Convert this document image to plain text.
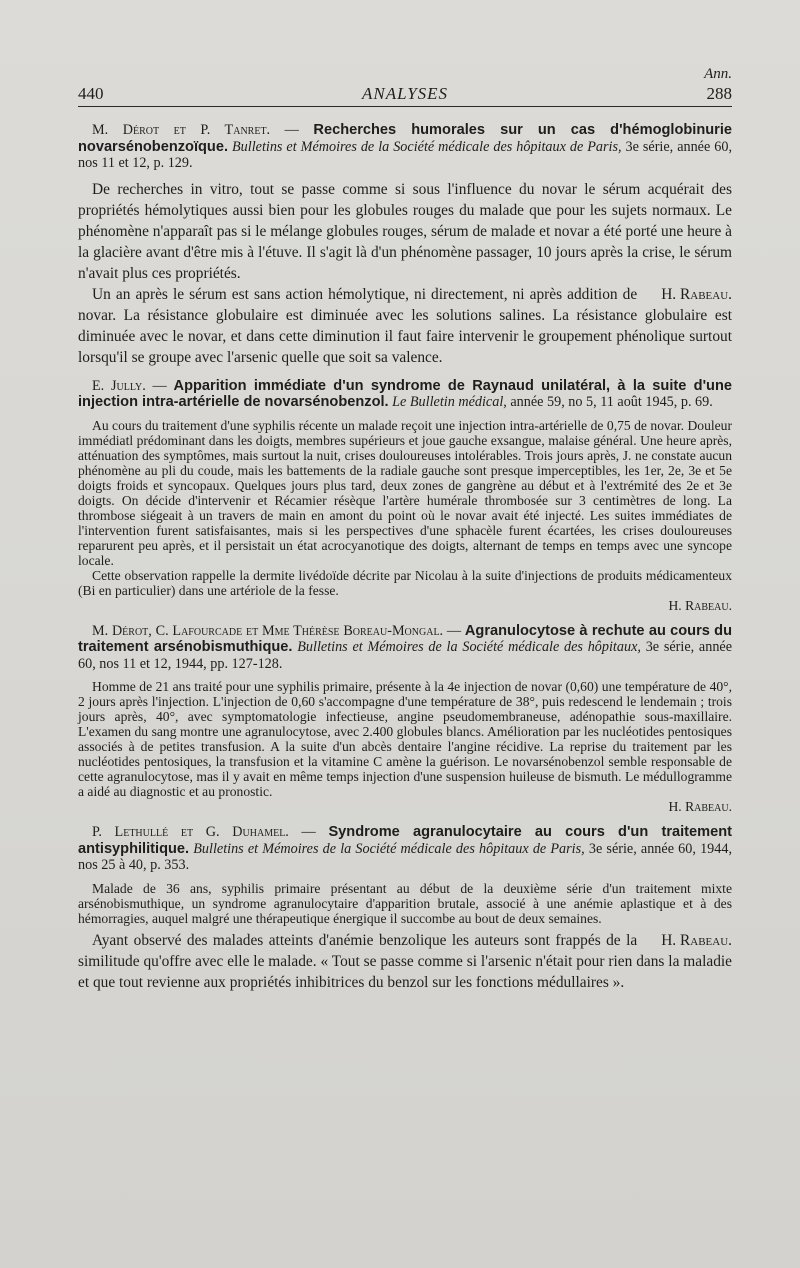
Ann.
440	ANALYSES	288
M. Dérot et P. Tanret. — Recherches humorales sur un cas d'hémoglobinurie novarsénobenzoïque. Bulletins et Mémoires de la Société médicale des hôpitaux de Paris, 3e série, année 60, nos 11 et 12, p. 129.

De recherches in vitro, tout se passe comme si sous l'influence du novar le sérum acquérait des propriétés hémolytiques aussi bien pour les globules rouges du malade que pour les sujets normaux. Le phénomène n'apparaît pas si le mélange globules rouges, sérum de malade et novar a été porté une heure à la glacière avant d'être mis à l'étuve. Il s'agit là d'un phénomène passager, 10 jours après la crise, le sérum n'avait plus ces propriétés.

H. Rabeau.
Un an après le sérum est sans action hémolytique, ni directement, ni après addition de novar. La résistance globulaire est diminuée avec les solutions salines. La résistance globulaire est diminuée avec le novar, et dans cette diminution il faut faire intervenir le groupement phénolique surtout lorsqu'il se groupe avec l'arsenic quelle que soit sa valence.

E. Jully. — Apparition immédiate d'un syndrome de Raynaud unilatéral, à la suite d'une injection intra-artérielle de novarsénobenzol. Le Bulletin médical, année 59, no 5, 11 août 1945, p. 69.

Au cours du traitement d'une syphilis récente un malade reçoit une injection intra-artérielle de 0,75 de novar. Douleur immédiatl prédominant dans les doigts, membres supérieurs et joue gauche exsangue, malaise général. Une heure après, atténuation des symptômes, mais surtout la nuit, crises douloureuses intolérables. Trois jours après, J. ne constate aucun phénomène au pli du coude, mais les battements de la radiale gauche sont presque imperceptibles, les 1er, 2e, 3e et 5e doigts froids et syncopaux. Quelques jours plus tard, deux zones de gangrène au début et à l'extrémité des 2e et 3e doigts. On décide d'intervenir et Récamier résèque l'artère humérale thrombosée sur 3 centimètres de long. La thrombose siégeait à un travers de main en amont du point où le novar avait été injecté. Les suites immédiates de l'intervention furent satisfaisantes, mais si les perspectives d'une sphacèle furent écartées, les crises douloureuses reparurent peu après, et il persistait un état acrocyanotique des doigts, alternant de temps en temps avec une syncope locale.

Cette observation rappelle la dermite livédoïde décrite par Nicolau à la suite d'injections de produits médicamenteux (Bi en particulier) dans une artériole de la fesse.

H. Rabeau.
M. Dérot, C. Lafourcade et Mme Thérèse Boreau-Mongal. — Agranulocytose à rechute au cours du traitement arsénobismuthique. Bulletins et Mémoires de la Société médicale des hôpitaux, 3e série, année 60, nos 11 et 12, 1944, pp. 127-128.

Homme de 21 ans traité pour une syphilis primaire, présente à la 4e injection de novar (0,60) une température de 40°, 2 jours après l'injection. L'injection de 0,60 s'accompagne d'une température de 38°, puis redescend le lendemain ; trois jours après, 40°, avec symptomatologie infectieuse, angine pseudomembraneuse, adénopathie sous-maxillaire. L'examen du sang montre une agranulocytose, avec 2.400 globules blancs. Amélioration par les nucléotides pentosiques associés à de petites transfusion. A la suite d'un abcès dentaire l'angine récidive. La reprise du traitement par les nucléotides pentosiques, la transfusion et la vitamine C amène la guérison. Le novarsénobenzol semble responsable de cette agranulocytose, mas il y avait en même temps injection d'une suspension huileuse de bismuth. Le médullogramme a aidé au diagnostic et au pronostic.

H. Rabeau.
P. Lethullé et G. Duhamel. — Syndrome agranulocytaire au cours d'un traitement antisyphilitique. Bulletins et Mémoires de la Société médicale des hôpitaux de Paris, 3e série, année 60, 1944, nos 25 à 40, p. 353.

Malade de 36 ans, syphilis primaire présentant au début de la deuxième série d'un traitement mixte arsénobismuthique, un syndrome agranulocytaire d'apparition brutale, associé à une anémie aplastique et à des hémorragies, auquel malgré une thérapeutique énergique il succombe au bout de deux semaines.

H. Rabeau.
Ayant observé des malades atteints d'anémie benzolique les auteurs sont frappés de la similitude qu'offre avec elle le malade. « Tout se passe comme si l'arsenic n'était pour rien dans la maladie et que tout revienne aux propriétés inhibitrices du benzol sur les fonctions médullaires ».
